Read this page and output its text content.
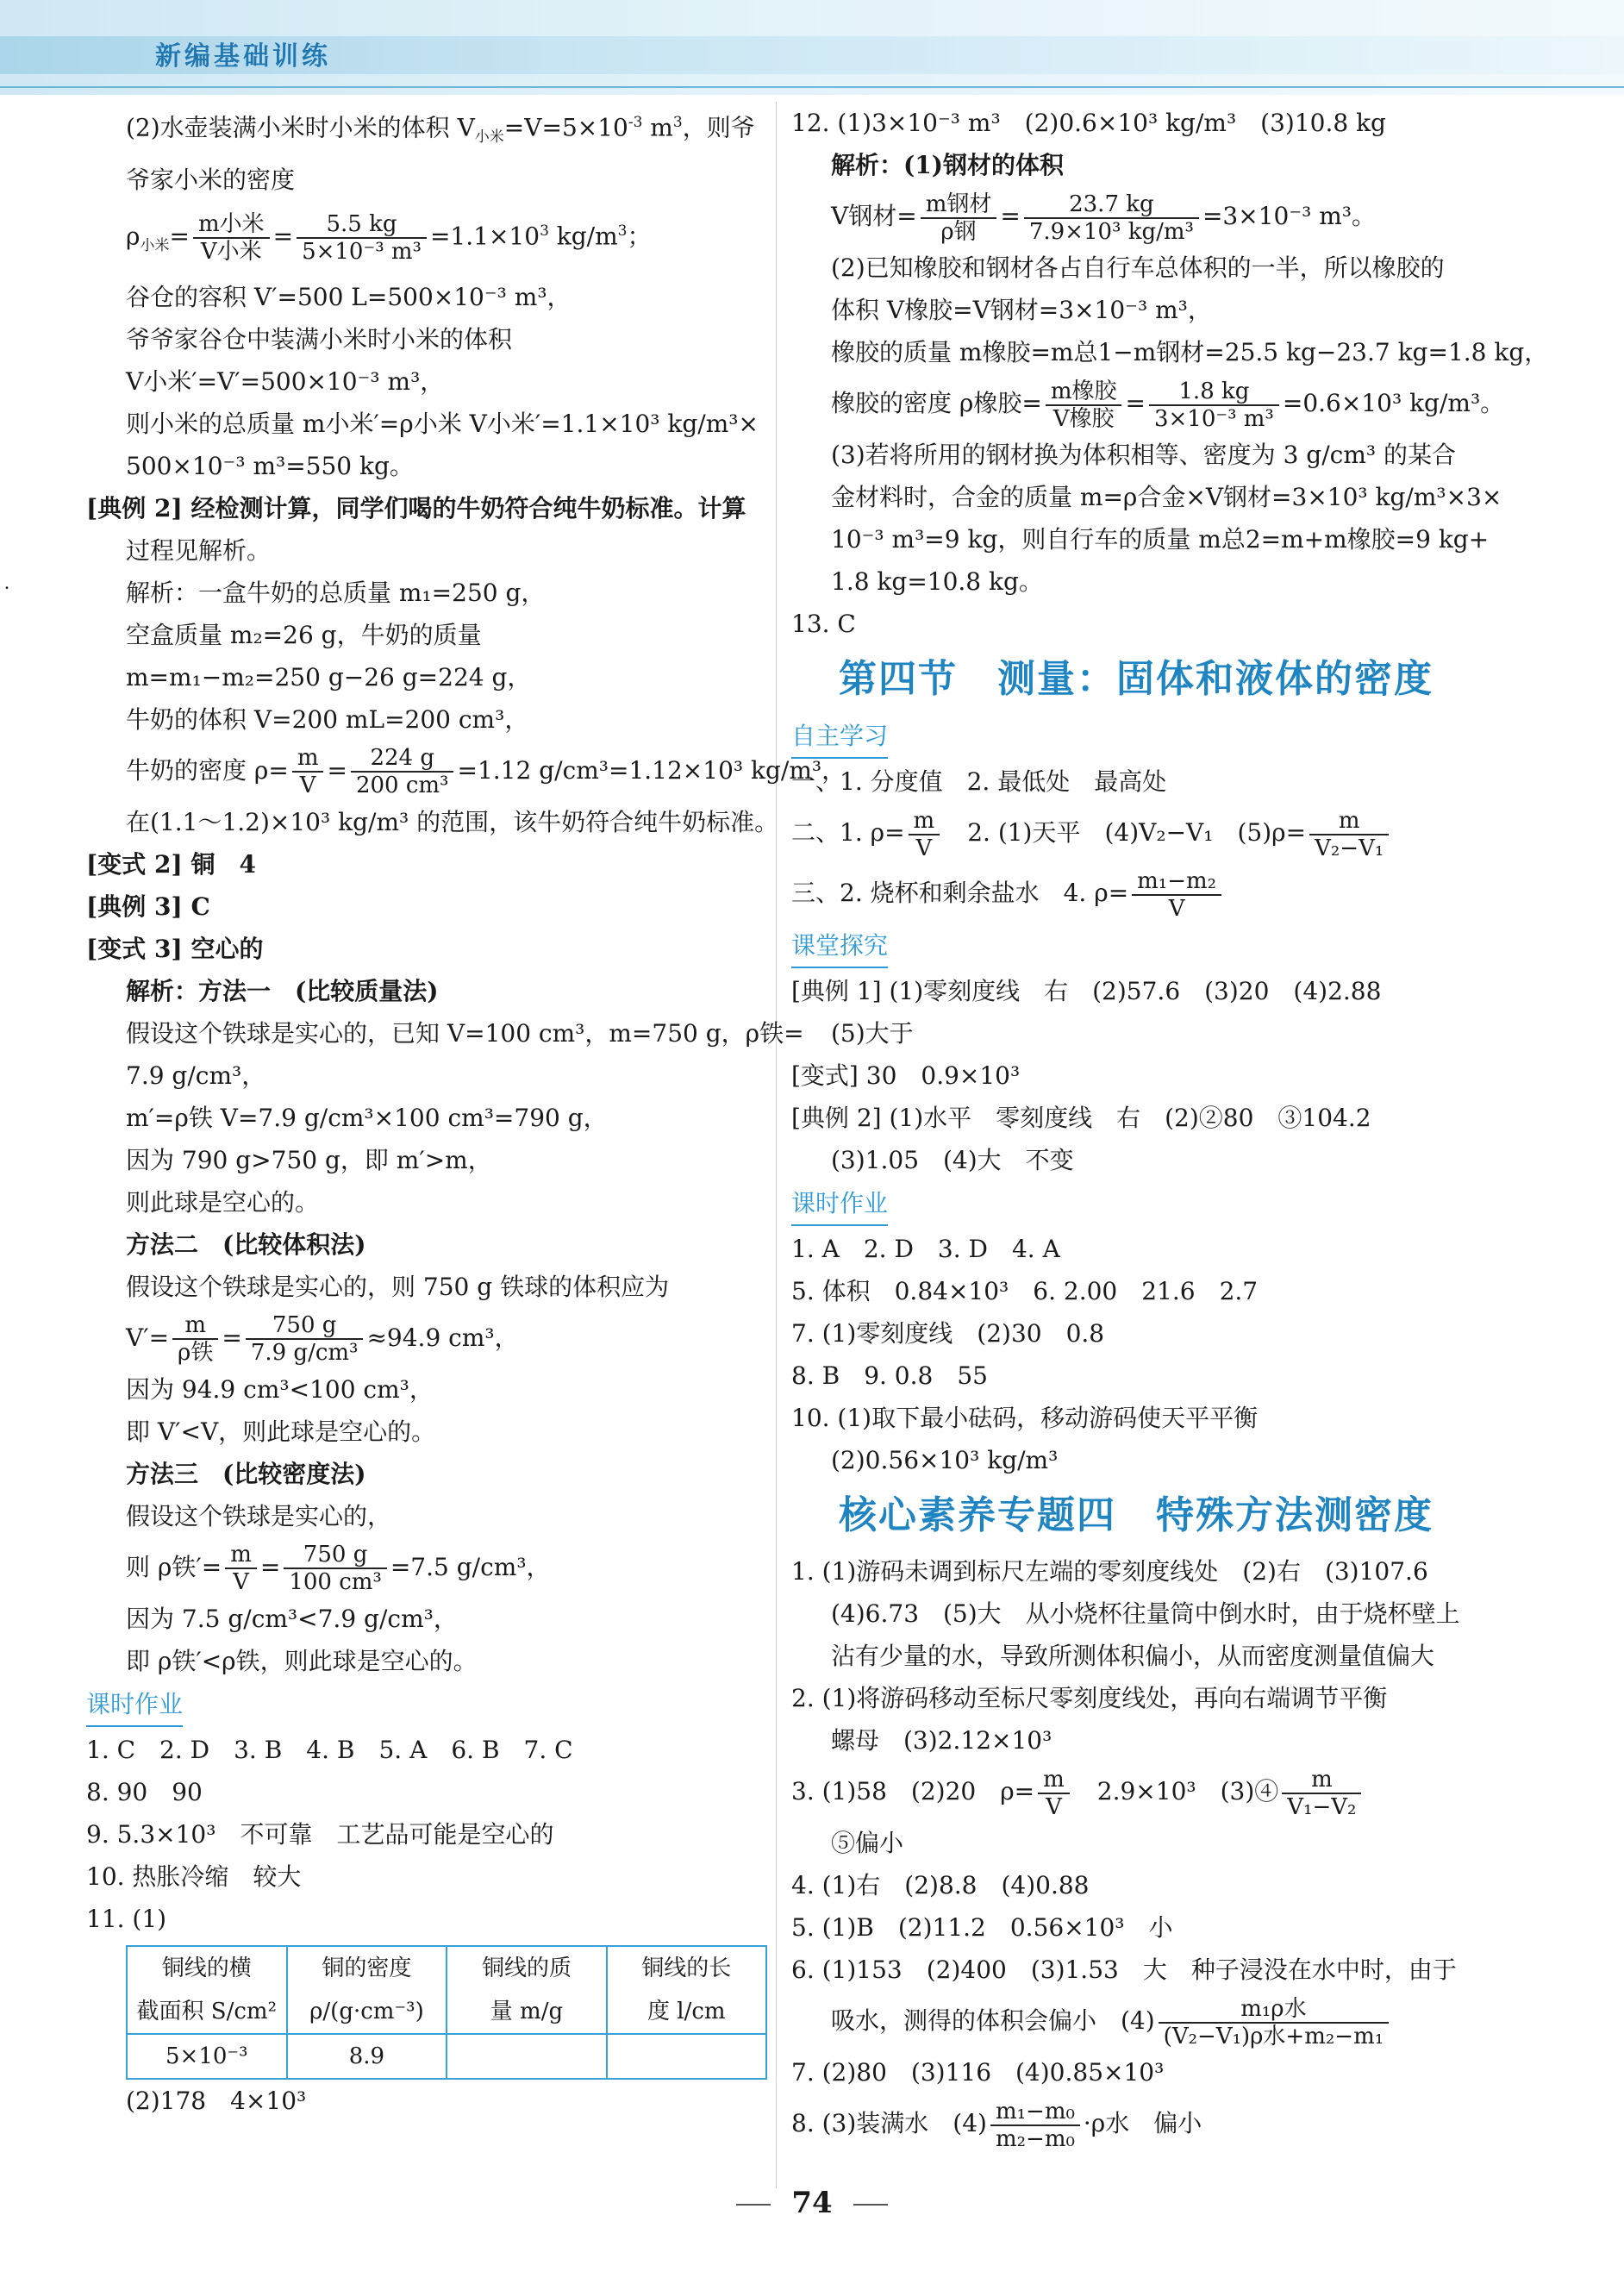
新编基础训练
(2)水壶装满小米时小米的体积 $V_{小米}=V=5\times 10^{-3}$ $m^3$，则爷
爷家小米的密度
$\rho_{小米}= \frac{\text{m小米}}{\text{V小米}} = \frac{5.5 kg}{\text{5×10⁻³ m³}} =1.1\times 10^3$ $kg/m^3$；
谷仓的容积 V′=500 L=500×10⁻³ m³，
爷爷家谷仓中装满小米时小米的体积
V小米′=V′=500×10⁻³ m³，
则小米的总质量 m小米′=ρ小米 V小米′=1.1×10³ kg/m³×
500×10⁻³ m³=550 kg。
[典例 2] 经检测计算，同学们喝的牛奶符合纯牛奶标准。计算
过程见解析。
解析：一盒牛奶的总质量 m₁=250 g，
空盒质量 m₂=26 g，牛奶的质量
m=m₁−m₂=250 g−26 g=224 g，
牛奶的体积 V=200 mL=200 cm³，
牛奶的密度 $\rho= \frac{m}{V} = \frac{224 g}{\text{200 cm³}} =1.12$ g/cm³=1.12×10³ kg/m³，
在(1.1～1.2)×10³ kg/m³ 的范围，该牛奶符合纯牛奶标准。
[变式 2] 铜　4
[典例 3] C
[变式 3] 空心的
解析：方法一　(比较质量法)
假设这个铁球是实心的，已知 V=100 cm³，m=750 g，ρ铁=
7.9 g/cm³，
m′=ρ铁 V=7.9 g/cm³×100 cm³=790 g，
因为 790 g>750 g，即 m′>m，
则此球是空心的。
方法二　(比较体积法)
假设这个铁球是实心的，则 750 g 铁球的体积应为
$V'= \frac{m}{\text{ρ铁}} = \frac{750 g}{\text{7.9 g/cm³}} \approx 94.9$ cm³，
因为 94.9 cm³<100 cm³，
即 V′<V，则此球是空心的。
方法三　(比较密度法)
假设这个铁球是实心的，
则 ρ铁′= $\frac{m}{V} = \frac{750 g}{\text{100 cm³}} =7.5$ g/cm³，
因为 7.5 g/cm³<7.9 g/cm³，
即 ρ铁′<ρ铁，则此球是空心的。
课时作业
1. C　2. D　3. B　4. B　5. A　6. B　7. C
8. 90　90
9. 5.3×10³　不可靠　工艺品可能是空心的
10. 热胀冷缩　较大
11. (1)
铜线的横	铜的密度	铜线的质	铜线的长
截面积 S/cm²	ρ/(g·cm⁻³)	量 m/g	度 l/cm
5×10⁻³	8.9		
(2)178　4×10³
12. (1)3×10⁻³ m³　(2)0.6×10³ kg/m³　(3)10.8 kg
解析：(1)钢材的体积
V钢材= $\frac{\text{m钢材}}{\text{ρ钢}} = \frac{23.7 kg}{\text{7.9×10³ kg/m³}} =3\times 10^{-3}$ m³。
(2)已知橡胶和钢材各占自行车总体积的一半，所以橡胶的
体积 V橡胶=V钢材=3×10⁻³ m³，
橡胶的质量 m橡胶=m总1−m钢材=25.5 kg−23.7 kg=1.8 kg，
橡胶的密度 ρ橡胶= $\frac{\text{m橡胶}}{\text{V橡胶}} = \frac{1.8 kg}{\text{3×10⁻³ m³}} =0.6\times 10^3$ kg/m³。
(3)若将所用的钢材换为体积相等、密度为 3 g/cm³ 的某合
金材料时，合金的质量 m=ρ合金×V钢材=3×10³ kg/m³×3×
10⁻³ m³=9 kg，则自行车的质量 m总2=m+m橡胶=9 kg+
1.8 kg=10.8 kg。
13. C
第四节　测量：固体和液体的密度
自主学习
一、1. 分度值　2. 最低处　最高处
二、1. $\rho= \frac{m}{V}$ 　2. (1)天平　(4)V₂−V₁　$(5)\rho= \frac{m}{\text{V₂−V₁}}$
三、2. 烧杯和剩余盐水　4. $\rho= \frac{\text{m₁−m₂}}{V}$
课堂探究
[典例 1] (1)零刻度线　右　(2)57.6　(3)20　(4)2.88
(5)大于
[变式] 30　0.9×10³
[典例 2] (1)水平　零刻度线　右　(2)②80　③104.2
(3)1.05　(4)大　不变
课时作业
1. A　2. D　3. D　4. A
5. 体积　0.84×10³　6. 2.00　21.6　2.7
7. (1)零刻度线　(2)30　0.8
8. B　9. 0.8　55
10. (1)取下最小砝码，移动游码使天平平衡
(2)0.56×10³ kg/m³
核心素养专题四　特殊方法测密度
1. (1)游码未调到标尺左端的零刻度线处　(2)右　(3)107.6
(4)6.73　(5)大　从小烧杯往量筒中倒水时，由于烧杯壁上
沾有少量的水，导致所测体积偏小，从而密度测量值偏大
2. (1)将游码移动至标尺零刻度线处，再向右端调节平衡
螺母　(3)2.12×10³
3. (1)58　(2)20　$\rho= \frac{m}{V}$ 　2.9×10³　(3)④ $\frac{m}{\text{V₁−V₂}}$
⑤偏小
4. (1)右　(2)8.8　(4)0.88
5. (1)B　(2)11.2　0.56×10³　小
6. (1)153　(2)400　(3)1.53　大　种子浸没在水中时，由于
吸水，测得的体积会偏小　$(4) \frac{\text{m₁ρ水}}{\text{(V₂−V₁)ρ水+m₂−m₁}}$
7. (2)80　(3)116　(4)0.85×10³
8. (3)装满水　$(4) \frac{\text{m₁−m₀}}{\text{m₂−m₀}} \cdot\rho$水　偏小
74
